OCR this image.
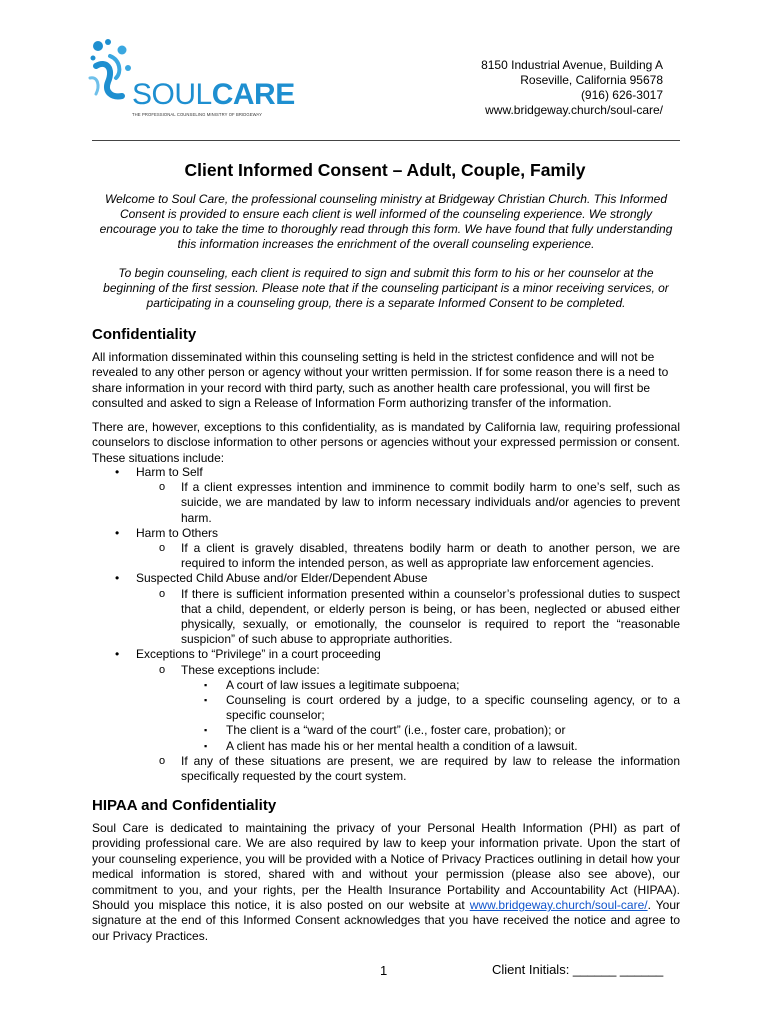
SOULCARE
THE PROFESSIONAL COUNSELING MINISTRY OF BRIDGEWAY
8150 Industrial Avenue, Building A
Roseville, California 95678
(916) 626-3017
www.bridgeway.church/soul-care/
Client Informed Consent – Adult, Couple, Family

Welcome to Soul Care, the professional counseling ministry at Bridgeway Christian Church. This Informed Consent is provided to ensure each client is well informed of the counseling experience. We strongly encourage you to take the time to thoroughly read through this form. We have found that fully understanding this information increases the enrichment of the overall counseling experience.

To begin counseling, each client is required to sign and submit this form to his or her counselor at the beginning of the first session. Please note that if the counseling participant is a minor receiving services, or participating in a counseling group, there is a separate Informed Consent to be completed.

Confidentiality

All information disseminated within this counseling setting is held in the strictest confidence and will not be revealed to any other person or agency without your written permission. If for some reason there is a need to share information in your record with third party, such as another health care professional, you will first be consulted and asked to sign a Release of Information Form authorizing transfer of the information.

There are, however, exceptions to this confidentiality, as is mandated by California law, requiring professional counselors to disclose information to other persons or agencies without your expressed permission or consent. These situations include:

• Harm to Self
o If a client expresses intention and imminence to commit bodily harm to one’s self, such as suicide, we are mandated by law to inform necessary individuals and/or agencies to prevent harm.
• Harm to Others
o If a client is gravely disabled, threatens bodily harm or death to another person, we are required to inform the intended person, as well as appropriate law enforcement agencies.
• Suspected Child Abuse and/or Elder/Dependent Abuse
o If there is sufficient information presented within a counselor’s professional duties to suspect that a child, dependent, or elderly person is being, or has been, neglected or abused either physically, sexually, or emotionally, the counselor is required to report the “reasonable suspicion” of such abuse to appropriate authorities.
• Exceptions to “Privilege” in a court proceeding
o These exceptions include:
▪ A court of law issues a legitimate subpoena;
▪ Counseling is court ordered by a judge, to a specific counseling agency, or to a specific counselor;
▪ The client is a “ward of the court” (i.e., foster care, probation); or
▪ A client has made his or her mental health a condition of a lawsuit.
o If any of these situations are present, we are required by law to release the information specifically requested by the court system.
HIPAA and Confidentiality

Soul Care is dedicated to maintaining the privacy of your Personal Health Information (PHI) as part of providing professional care. We are also required by law to keep your information private. Upon the start of your counseling experience, you will be provided with a Notice of Privacy Practices outlining in detail how your medical information is stored, shared with and without your permission (please also see above), our commitment to you, and your rights, per the Health Insurance Portability and Accountability Act (HIPAA). Should you misplace this notice, it is also posted on our website at www.bridgeway.church/soul-care/. Your signature at the end of this Informed Consent acknowledges that you have received the notice and agree to our Privacy Practices.

1	Client Initials: ______ ______
